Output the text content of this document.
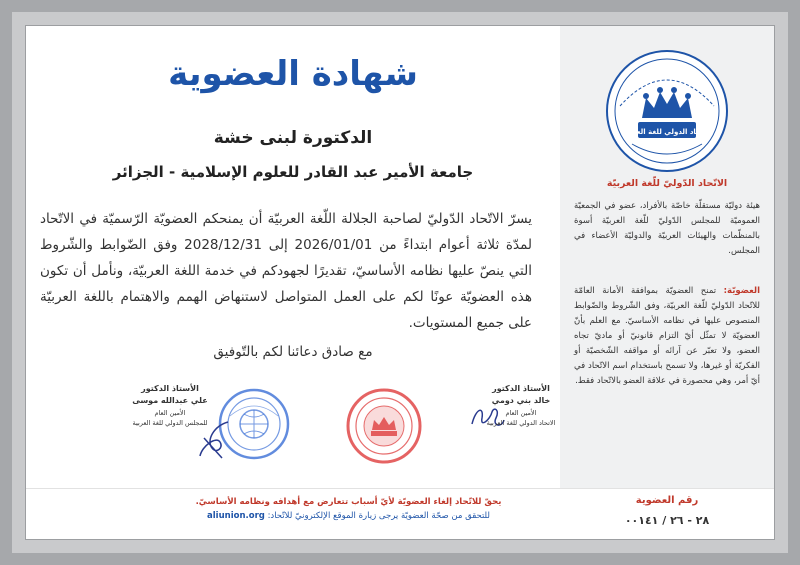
شهادة العضوية
الدكتورة لبنى خشة
جامعة الأمير عبد القادر للعلوم الإسلامية - الجزائر
يسرّ الاتّحاد الدّوليّ لصاحبة الجلالة اللّغة العربيّة أن يمنحكم العضويّة الرّسميّة في الاتّحاد لمدّة ثلاثة أعوام ابتداءً من 2026/01/01 إلى 2028/12/31 وفق الضّوابط والشّروط التي ينصّ عليها نظامه الأساسيّ، تقديرًا لجهودكم في خدمة اللغة العربيّة، ونأمل أن تكون هذه العضويّة عونًا لكم على العمل المتواصل لاستنهاض الهمم والاهتمام باللغة العربيّة على جميع المستويات.
مع صادق دعائنا لكم بالتّوفيق
الأستاذ الدكتور
علي عبدالله موسى
الأمين العام
للمجلس الدولي للغة العربية
الأستاذ الدكتور
خالد بني دومي
الأمين العام
الاتحاد الدولي للغة العربية
الاتحاد الدولي للغة العربية
الاتّحاد الدّوليّ للّغة العربيّة
هيئة دوليّة مستقلّة خاصّة بالأفراد، عضو في الجمعيّة العموميّة للمجلس الدّوليّ للّغة العربيّة أسوة بالمنظّمات والهيئات العربيّة والدوليّة الأعضاء في المجلس.
العضويّة: تمنح العضويّة بموافقة الأمانة العامّة للاتّحاد الدّوليّ للّغة العربيّة، وفق الشّروط والضّوابط المنصوص عليها في نظامه الأساسيّ. مع العلم بأنّ العضويّة لا تمثّل أيّ التزام قانونيّ أو ماديّ تجاه العضو، ولا تعبّر عن آرائه أو مواقفه الشّخصيّة أو الفكريّة أو غيرها، ولا تسمح باستخدام اسم الاتّحاد في أيّ أمر، وهي محصورة في علاقة العضو بالاتّحاد فقط.
يحقّ للاتّحاد إلغاء العضويّة لأيّ أسباب تتعارض مع أهدافه ونظامه الأساسيّ.
للتحقق من صحّة العضويّة يرجى زيارة الموقع الإلكترونيّ للاتّحاد: aliunion.org
رقم العضوية
٢٨ - ٢٦ / ٠٠١٤١
